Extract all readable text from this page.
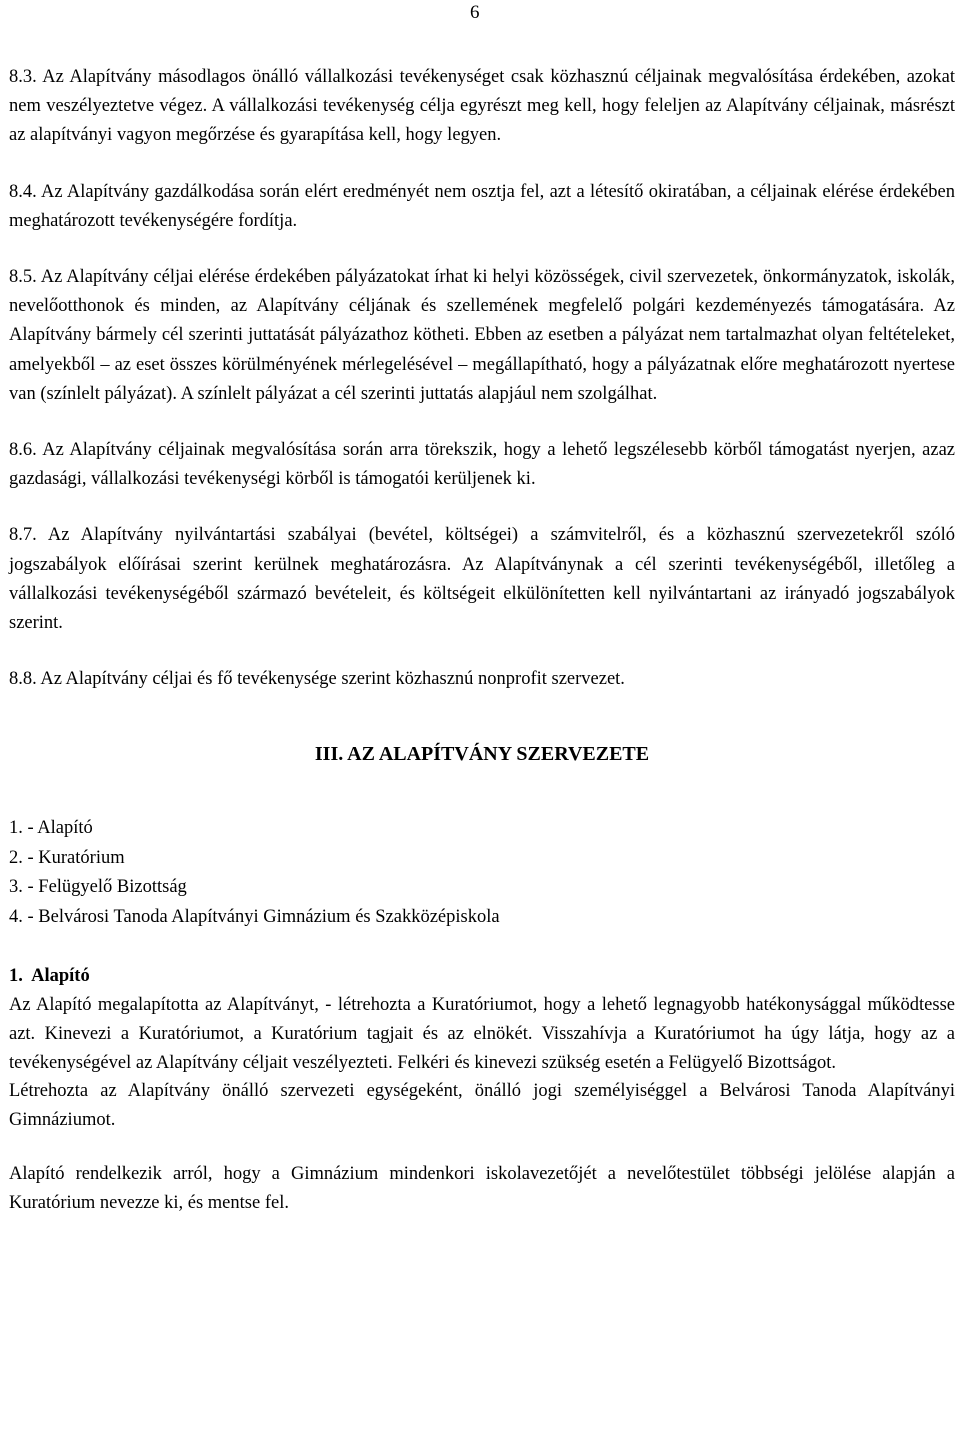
6

8.3. Az Alapítvány másodlagos önálló vállalkozási tevékenységet csak közhasznú céljainak megvalósítása érdekében, azokat nem veszélyeztetve végez. A vállalkozási tevékenység célja egyrészt meg kell, hogy feleljen az Alapítvány céljainak, másrészt az alapítványi vagyon megőrzése és gyarapítása kell, hogy legyen.

8.4. Az Alapítvány gazdálkodása során elért eredményét nem osztja fel, azt a létesítő okiratában, a céljainak elérése érdekében meghatározott tevékenységére fordítja.

8.5. Az Alapítvány céljai elérése érdekében pályázatokat írhat ki helyi közösségek, civil szervezetek, önkormányzatok, iskolák, nevelőotthonok és minden, az Alapítvány céljának és szellemének megfelelő polgári kezdeményezés támogatására. Az Alapítvány bármely cél szerinti juttatását pályázathoz kötheti. Ebben az esetben a pályázat nem tartalmazhat olyan feltételeket, amelyekből – az eset összes körülményének mérlegelésével – megállapítható, hogy a pályázatnak előre meghatározott nyertese van (színlelt pályázat). A színlelt pályázat a cél szerinti juttatás alapjául nem szolgálhat.

8.6. Az Alapítvány céljainak megvalósítása során arra törekszik, hogy a lehető legszélesebb körből támogatást nyerjen, azaz gazdasági, vállalkozási tevékenységi körből is támogatói kerüljenek ki.

8.7. Az Alapítvány nyilvántartási szabályai (bevétel, költségei) a számvitelről, és a közhasznú szervezetekről szóló jogszabályok előírásai szerint kerülnek meghatározásra. Az Alapítványnak a cél szerinti tevékenységéből, illetőleg a vállalkozási tevékenységéből származó bevételeit, és költségeit elkülönítetten kell nyilvántartani az irányadó jogszabályok szerint.

8.8. Az Alapítvány céljai és fő tevékenysége szerint közhasznú nonprofit szervezet.

III. AZ ALAPÍTVÁNY SZERVEZETE

1. - Alapító
2. - Kuratórium
3. - Felügyelő Bizottság
4. - Belvárosi Tanoda Alapítványi Gimnázium és Szakközépiskola

1.  Alapító

Az Alapító megalapította az Alapítványt, - létrehozta a Kuratóriumot, hogy a lehető legnagyobb hatékonysággal működtesse azt. Kinevezi a Kuratóriumot, a Kuratórium tagjait és az elnökét. Visszahívja a Kuratóriumot ha úgy látja, hogy az a tevékenységével az Alapítvány céljait veszélyezteti. Felkéri és kinevezi szükség esetén a Felügyelő Bizottságot.

Létrehozta az Alapítvány önálló szervezeti egységeként, önálló jogi személyiséggel a Belvárosi Tanoda Alapítványi Gimnáziumot.

Alapító rendelkezik arról, hogy a Gimnázium mindenkori iskolavezetőjét a nevelőtestület többségi jelölése alapján a Kuratórium nevezze ki, és mentse fel.
